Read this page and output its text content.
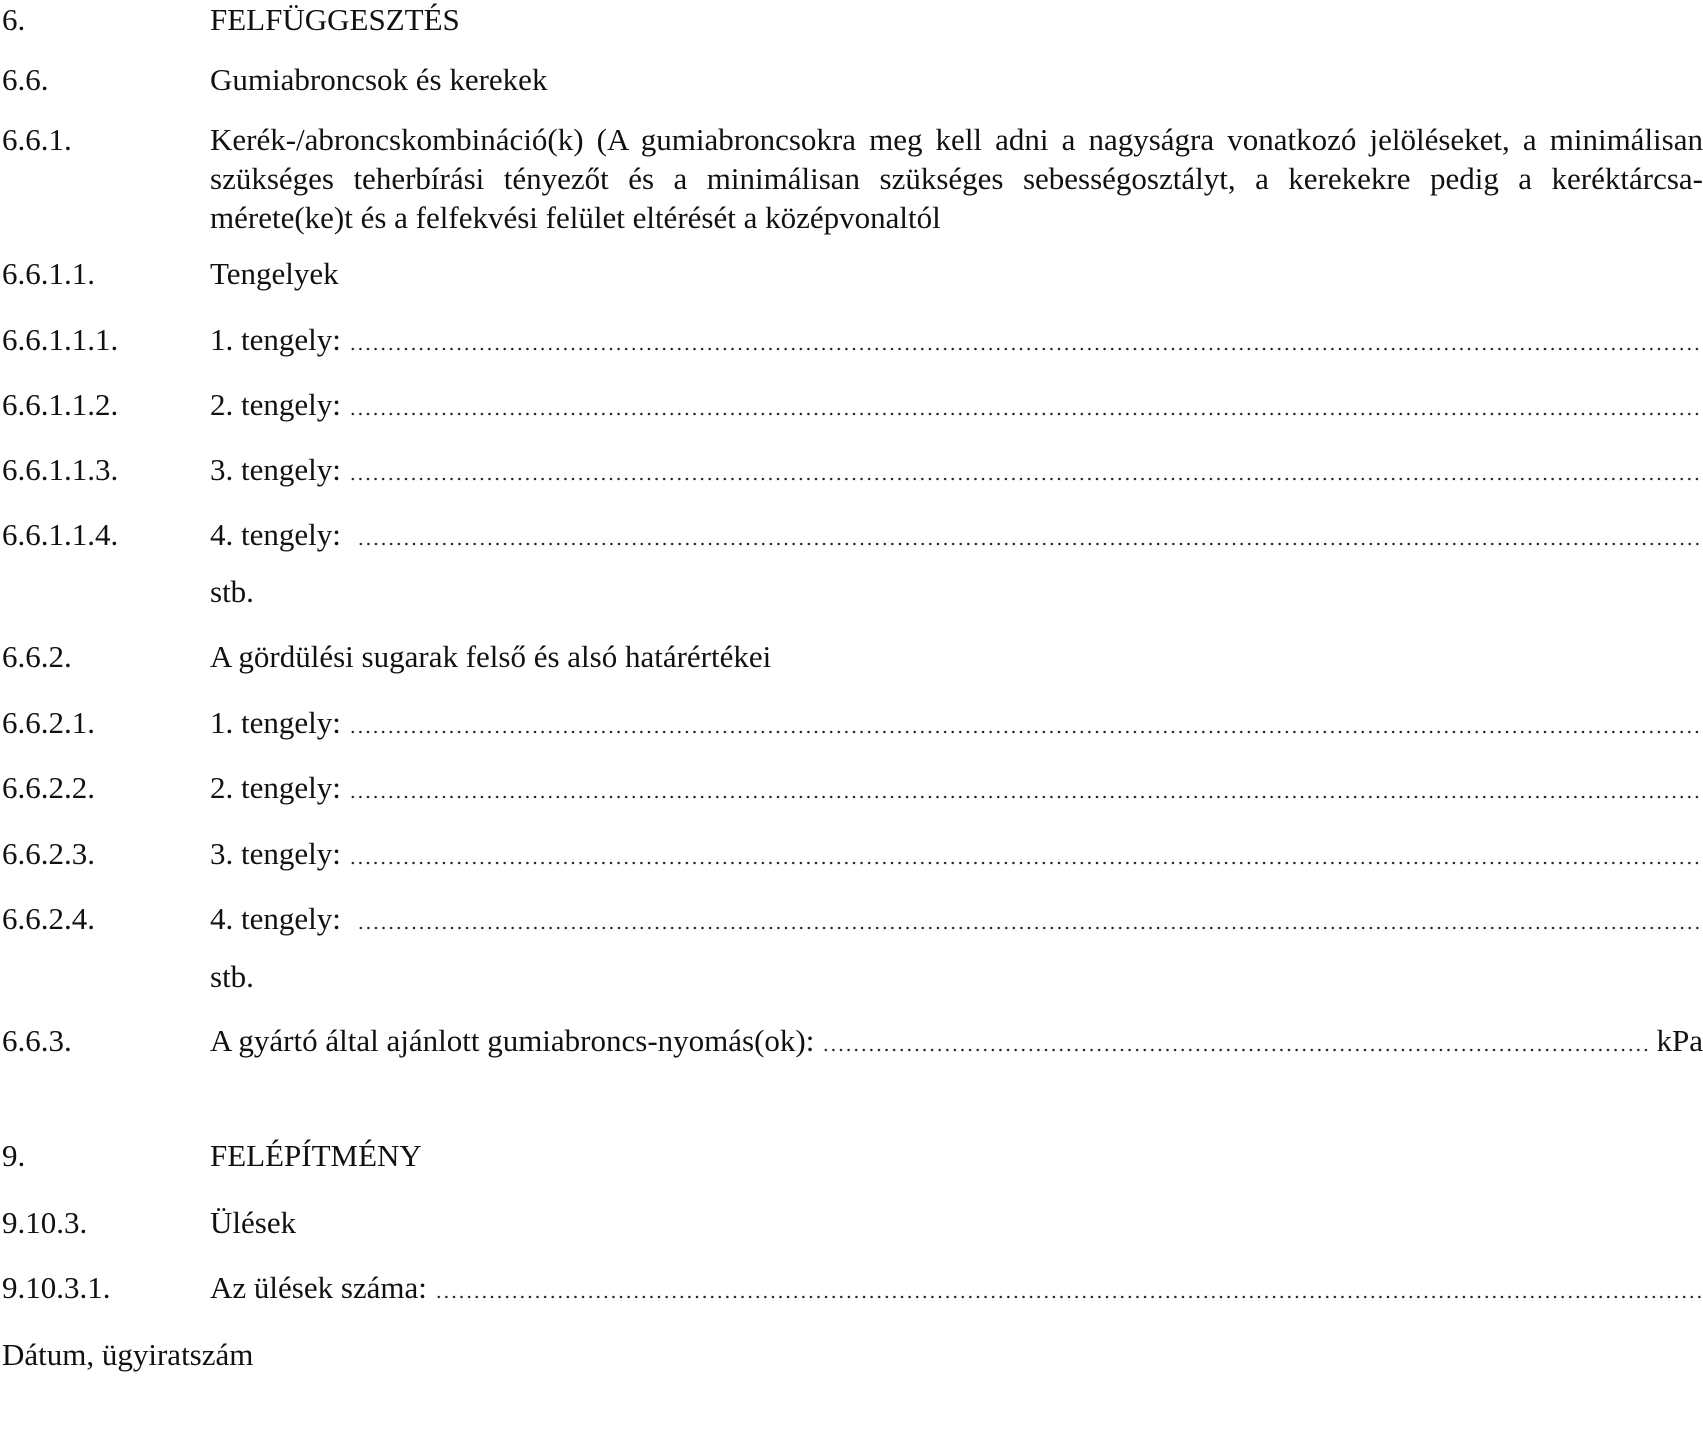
6.	FELFÜGGESZTÉS
6.6.	Gumiabroncsok és kerekek
6.6.1.	Kerék-/abroncskombináció(k) (A gumiabroncsokra meg kell adni a nagyságra vonatkozó jelöléseket, a minimálisan szükséges teherbírási tényezőt és a minimálisan szükséges sebességosztályt, a kerekekre pedig a keréktárcsa-mérete(ke)t és a felfekvési felület eltérését a középvonaltól
6.6.1.1.	Tengelyek
6.6.1.1.1.	1. tengely:
6.6.1.1.2.	2. tengely:
6.6.1.1.3.	3. tengely:
6.6.1.1.4.	4. tengely:
stb.
6.6.2.	A gördülési sugarak felső és alsó határértékei
6.6.2.1.	1. tengely:
6.6.2.2.	2. tengely:
6.6.2.3.	3. tengely:
6.6.2.4.	4. tengely:
stb.
6.6.3.	A gyártó által ajánlott gumiabroncs-nyomás(ok):	kPa
9.	FELÉPÍTMÉNY
9.10.3.	Ülések
9.10.3.1.	Az ülések száma:
Dátum, ügyiratszám
